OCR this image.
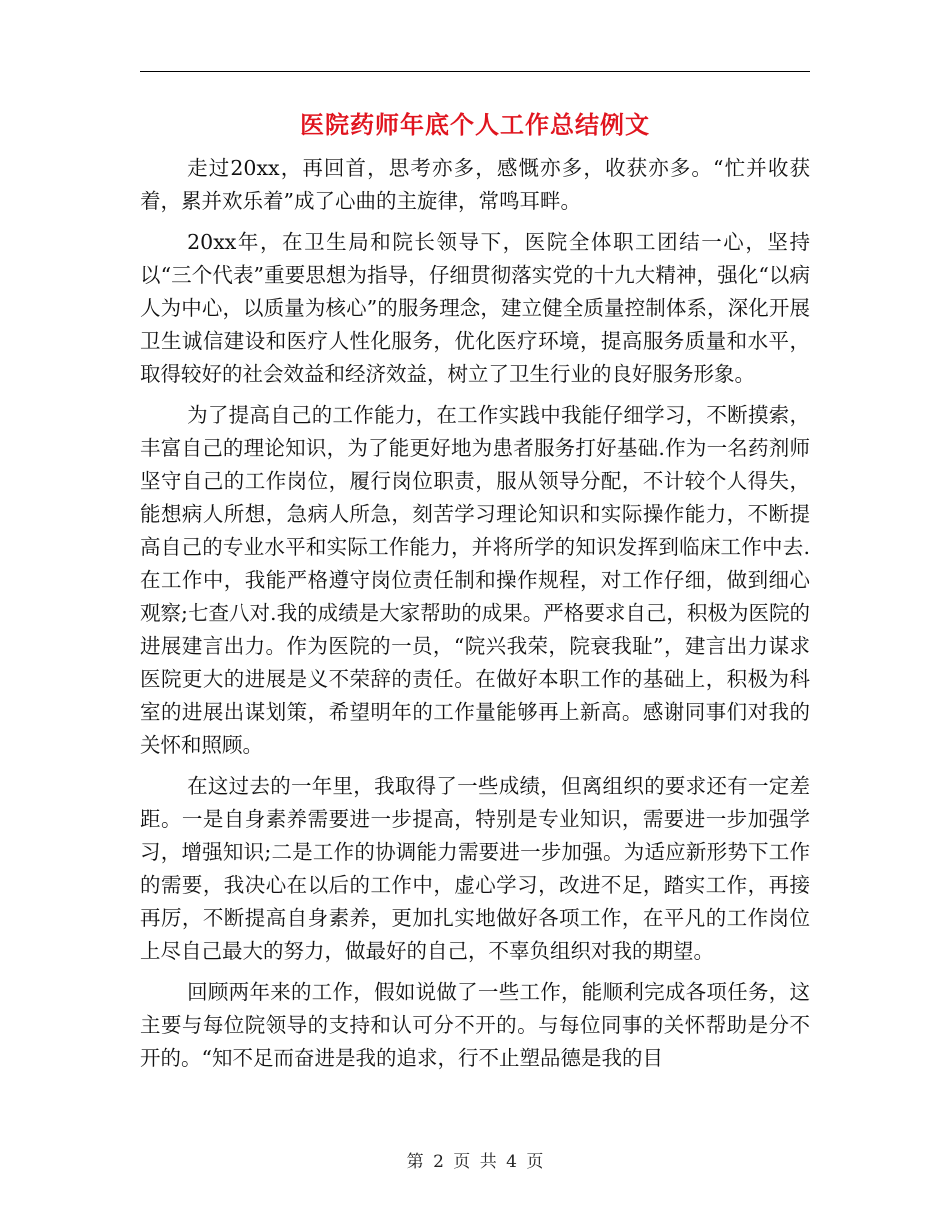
医院药师年底个人工作总结例文

走过20xx，再回首，思考亦多，感慨亦多，收获亦多。“忙并收获着，累并欢乐着”成了心曲的主旋律，常鸣耳畔。

20xx年，在卫生局和院长领导下，医院全体职工团结一心，坚持以“三个代表”重要思想为指导，仔细贯彻落实党的十九大精神，强化“以病人为中心，以质量为核心”的服务理念，建立健全质量控制体系，深化开展卫生诚信建设和医疗人性化服务，优化医疗环境，提高服务质量和水平，取得较好的社会效益和经济效益，树立了卫生行业的良好服务形象。

为了提高自己的工作能力，在工作实践中我能仔细学习，不断摸索，丰富自己的理论知识，为了能更好地为患者服务打好基础.作为一名药剂师坚守自己的工作岗位，履行岗位职责，服从领导分配，不计较个人得失，能想病人所想，急病人所急，刻苦学习理论知识和实际操作能力，不断提高自己的专业水平和实际工作能力，并将所学的知识发挥到临床工作中去.在工作中，我能严格遵守岗位责任制和操作规程，对工作仔细，做到细心观察;七查八对.我的成绩是大家帮助的成果。严格要求自己，积极为医院的进展建言出力。作为医院的一员，“院兴我荣，院衰我耻”，建言出力谋求医院更大的进展是义不荣辞的责任。在做好本职工作的基础上，积极为科室的进展出谋划策，希望明年的工作量能够再上新高。感谢同事们对我的关怀和照顾。

在这过去的一年里，我取得了一些成绩，但离组织的要求还有一定差距。一是自身素养需要进一步提高，特别是专业知识，需要进一步加强学习，增强知识;二是工作的协调能力需要进一步加强。为适应新形势下工作的需要，我决心在以后的工作中，虚心学习，改进不足，踏实工作，再接再厉，不断提高自身素养，更加扎实地做好各项工作，在平凡的工作岗位上尽自己最大的努力，做最好的自己，不辜负组织对我的期望。

回顾两年来的工作，假如说做了一些工作，能顺利完成各项任务，这主要与每位院领导的支持和认可分不开的。与每位同事的关怀帮助是分不开的。“知不足而奋进是我的追求，行不止塑品德是我的目

第 2 页 共 4 页
